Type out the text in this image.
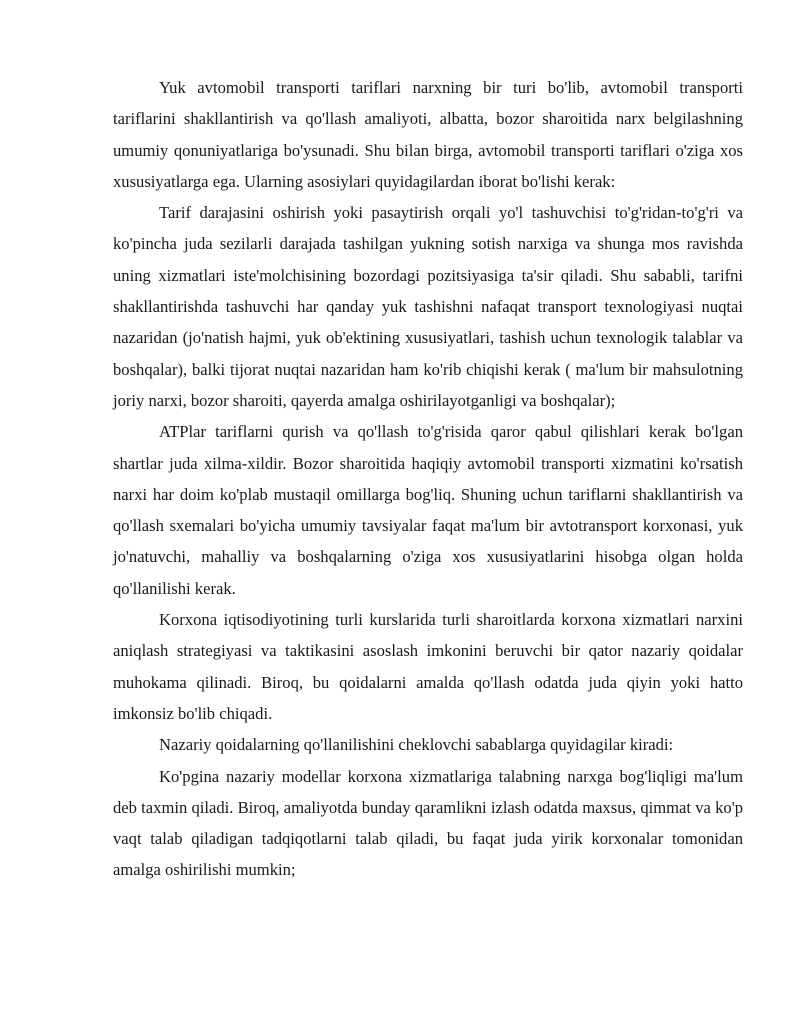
Yuk avtomobil transporti tariflari narxning bir turi bo'lib, avtomobil transporti tariflarini shakllantirish va qo'llash amaliyoti, albatta, bozor sharoitida narx belgilashning umumiy qonuniyatlariga bo'ysunadi. Shu bilan birga, avtomobil transporti tariflari o'ziga xos xususiyatlarga ega. Ularning asosiylari quyidagilardan iborat bo'lishi kerak:

Tarif darajasini oshirish yoki pasaytirish orqali yo'l tashuvchisi to'g'ridan-to'g'ri va ko'pincha juda sezilarli darajada tashilgan yukning sotish narxiga va shunga mos ravishda uning xizmatlari iste'molchisining bozordagi pozitsiyasiga ta'sir qiladi. Shu sababli, tarifni shakllantirishda tashuvchi har qanday yuk tashishni nafaqat transport texnologiyasi nuqtai nazaridan (jo'natish hajmi, yuk ob'ektining xususiyatlari, tashish uchun texnologik talablar va boshqalar), balki tijorat nuqtai nazaridan ham ko'rib chiqishi kerak ( ma'lum bir mahsulotning joriy narxi, bozor sharoiti, qayerda amalga oshirilayotganligi va boshqalar);

ATPlar tariflarni qurish va qo'llash to'g'risida qaror qabul qilishlari kerak bo'lgan shartlar juda xilma-xildir. Bozor sharoitida haqiqiy avtomobil transporti xizmatini ko'rsatish narxi har doim ko'plab mustaqil omillarga bog'liq. Shuning uchun tariflarni shakllantirish va qo'llash sxemalari bo'yicha umumiy tavsiyalar faqat ma'lum bir avtotransport korxonasi, yuk jo'natuvchi, mahalliy va boshqalarning o'ziga xos xususiyatlarini hisobga olgan holda qo'llanilishi kerak.

Korxona iqtisodiyotining turli kurslarida turli sharoitlarda korxona xizmatlari narxini aniqlash strategiyasi va taktikasini asoslash imkonini beruvchi bir qator nazariy qoidalar muhokama qilinadi. Biroq, bu qoidalarni amalda qo'llash odatda juda qiyin yoki hatto imkonsiz bo'lib chiqadi.

Nazariy qoidalarning qo'llanilishini cheklovchi sabablarga quyidagilar kiradi:

Ko'pgina nazariy modellar korxona xizmatlariga talabning narxga bog'liqligi ma'lum deb taxmin qiladi. Biroq, amaliyotda bunday qaramlikni izlash odatda maxsus, qimmat va ko'p vaqt talab qiladigan tadqiqotlarni talab qiladi, bu faqat juda yirik korxonalar tomonidan amalga oshirilishi mumkin;
